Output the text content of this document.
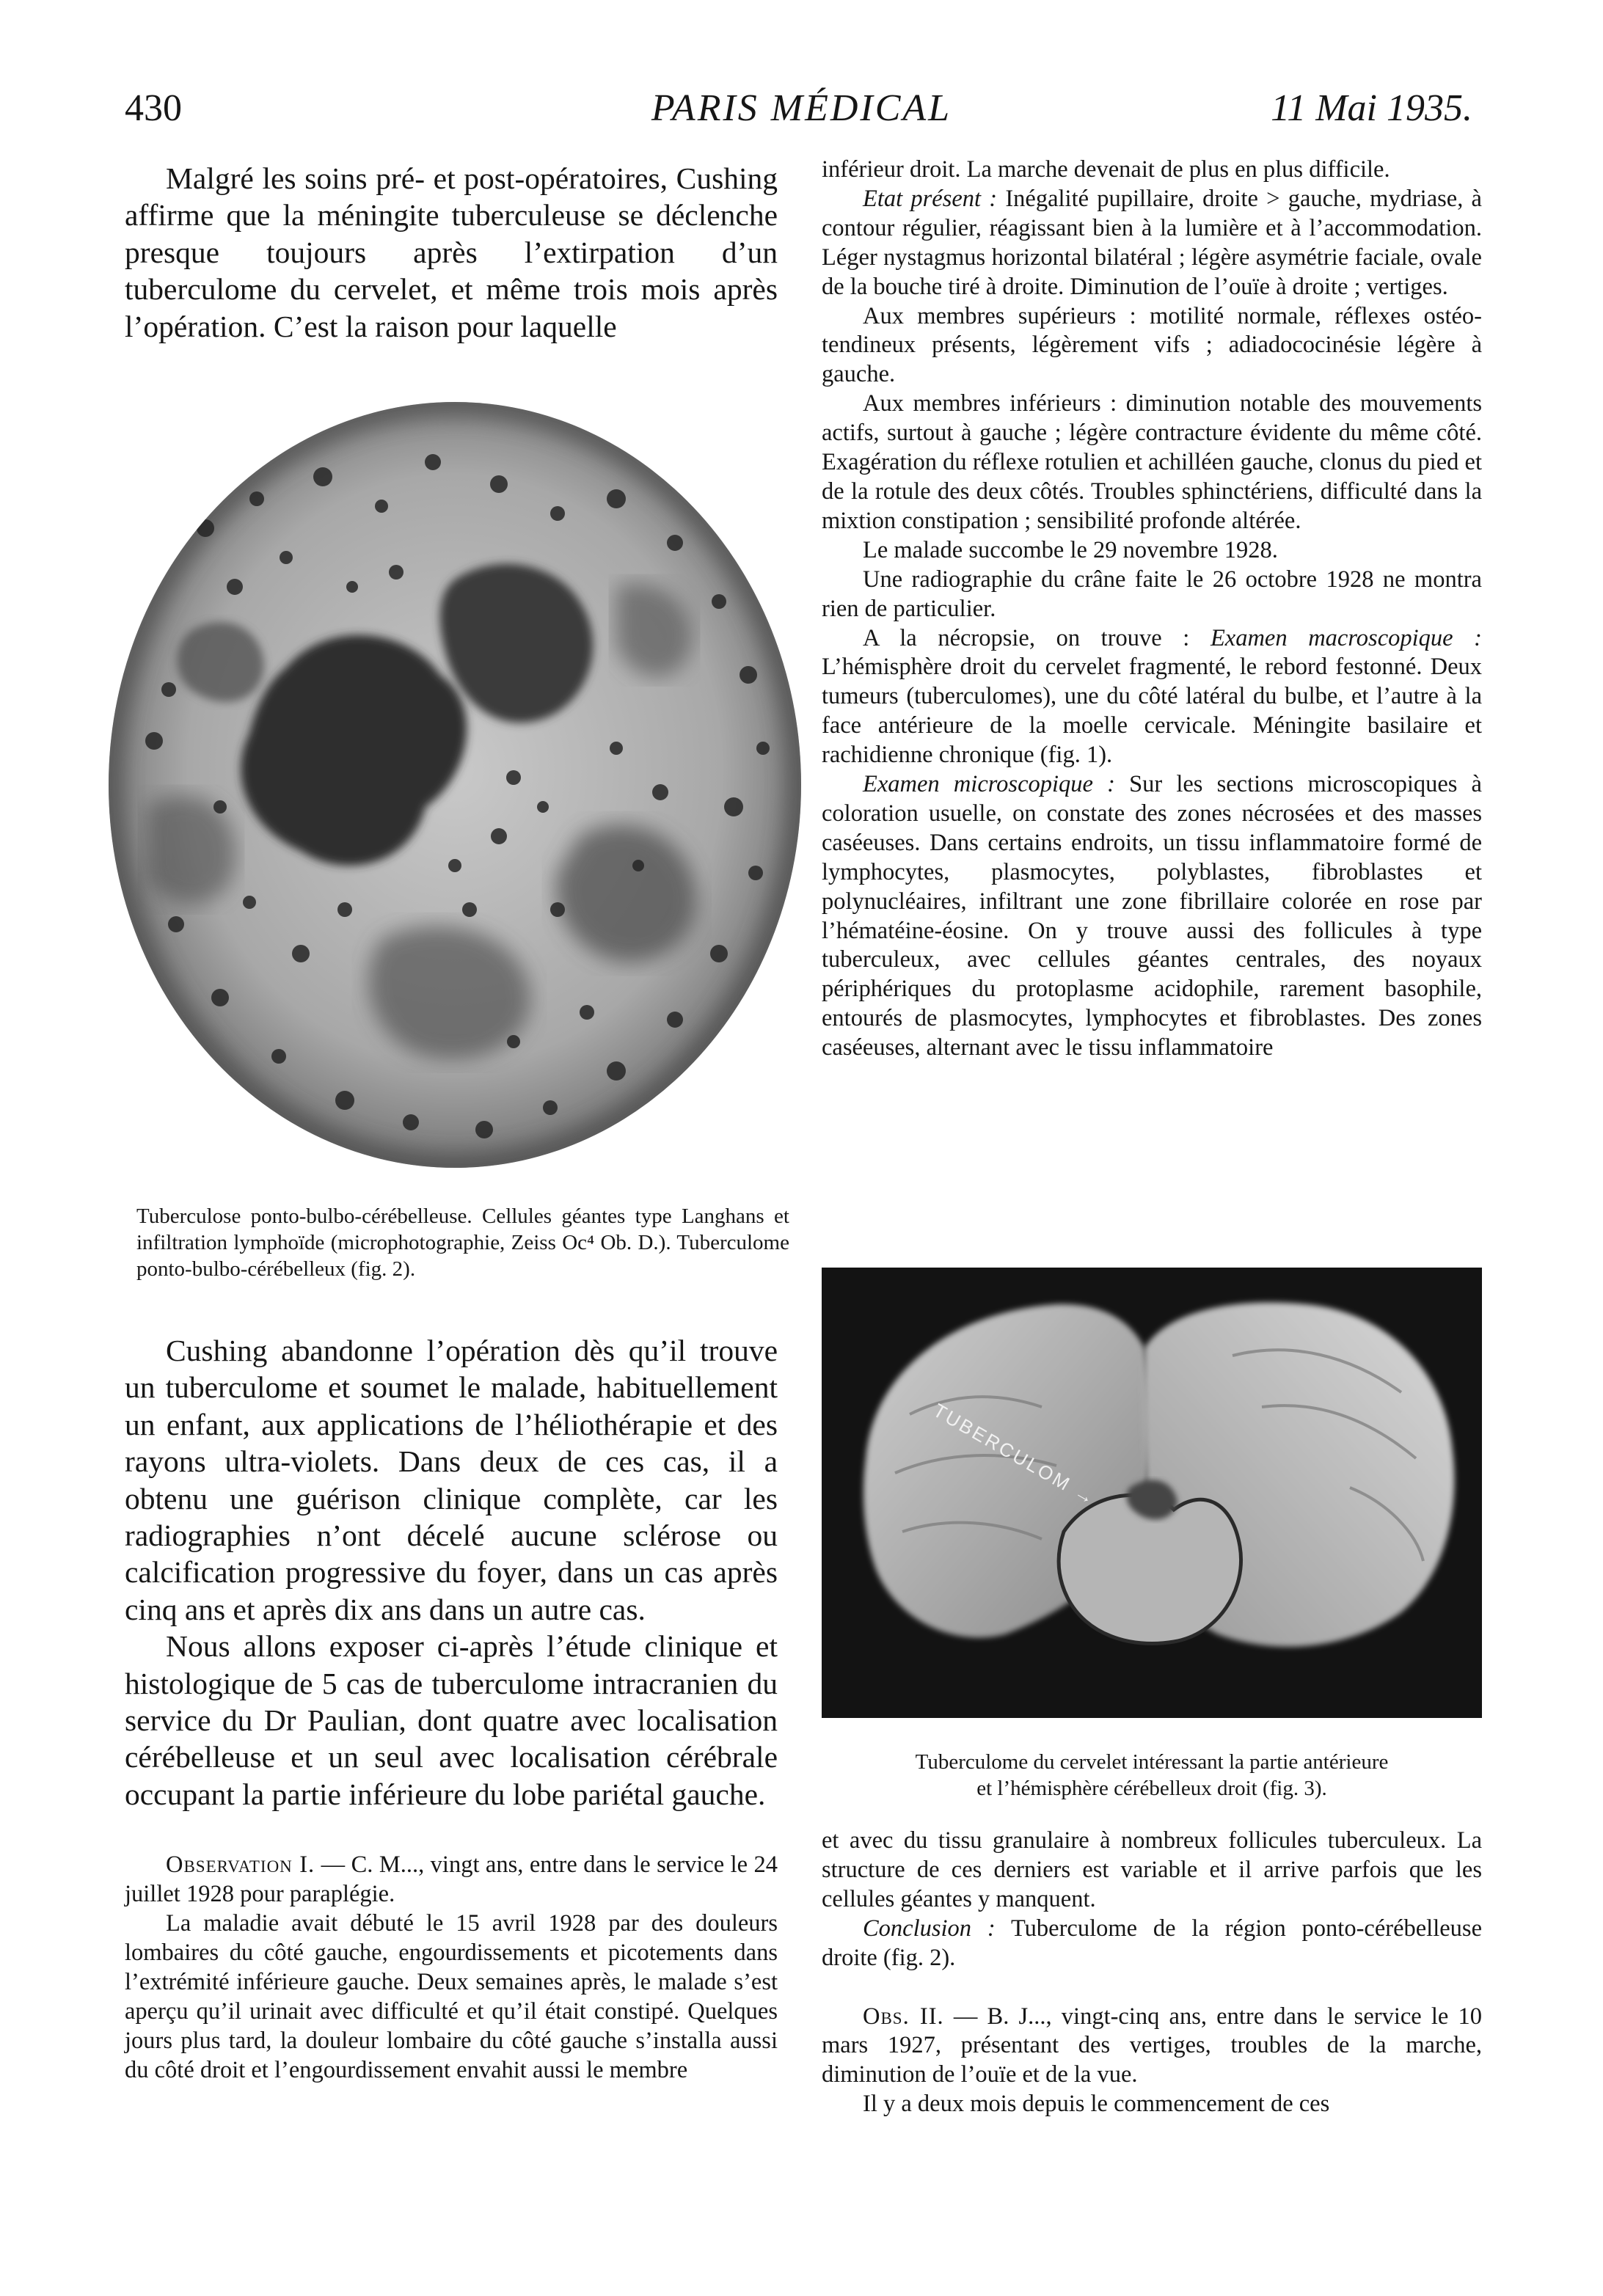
430	PARIS MÉDICAL	11 Mai 1935.

Malgré les soins pré- et post-opératoires, Cushing affirme que la méningite tuberculeuse se déclenche presque toujours après l’extirpation d’un tuberculome du cervelet, et même trois mois après l’opération. C’est la raison pour laquelle

Tuberculose ponto-bulbo-cérébelleuse. Cellules géantes type Langhans et infiltration lymphoïde (microphotographie, Zeiss Oc⁴ Ob. D.). Tuberculome ponto-bulbo-cérébelleux (fig. 2).

Cushing abandonne l’opération dès qu’il trouve un tuberculome et soumet le malade, habituellement un enfant, aux applications de l’héliothérapie et des rayons ultra-violets. Dans deux de ces cas, il a obtenu une guérison clinique complète, car les radiographies n’ont décelé aucune sclérose ou calcification progressive du foyer, dans un cas après cinq ans et après dix ans dans un autre cas.

Nous allons exposer ci-après l’étude clinique et histologique de 5 cas de tuberculome intracranien du service du Dr Paulian, dont quatre avec localisation cérébelleuse et un seul avec localisation cérébrale occupant la partie inférieure du lobe pariétal gauche.

Observation I. — C. M..., vingt ans, entre dans le service le 24 juillet 1928 pour paraplégie.

La maladie avait débuté le 15 avril 1928 par des douleurs lombaires du côté gauche, engourdissements et picotements dans l’extrémité inférieure gauche. Deux semaines après, le malade s’est aperçu qu’il urinait avec difficulté et qu’il était constipé. Quelques jours plus tard, la douleur lombaire du côté gauche s’installa aussi du côté droit et l’engourdissement envahit aussi le membre

inférieur droit. La marche devenait de plus en plus difficile.

Etat présent : Inégalité pupillaire, droite > gauche, mydriase, à contour régulier, réagissant bien à la lumière et à l’accommodation. Léger nystagmus horizontal bilatéral ; légère asymétrie faciale, ovale de la bouche tiré à droite. Diminution de l’ouïe à droite ; vertiges.

Aux membres supérieurs : motilité normale, réflexes ostéo-tendineux présents, légèrement vifs ; adiadococinésie légère à gauche.

Aux membres inférieurs : diminution notable des mouvements actifs, surtout à gauche ; légère contracture évidente du même côté. Exagération du réflexe rotulien et achilléen gauche, clonus du pied et de la rotule des deux côtés. Troubles sphinctériens, difficulté dans la mixtion constipation ; sensibilité profonde altérée.

Le malade succombe le 29 novembre 1928.

Une radiographie du crâne faite le 26 octobre 1928 ne montra rien de particulier.

A la nécropsie, on trouve : Examen macroscopique : L’hémisphère droit du cervelet fragmenté, le rebord festonné. Deux tumeurs (tuberculomes), une du côté latéral du bulbe, et l’autre à la face antérieure de la moelle cervicale. Méningite basilaire et rachidienne chronique (fig. 1).

Examen microscopique : Sur les sections microscopiques à coloration usuelle, on constate des zones nécrosées et des masses caséeuses. Dans certains endroits, un tissu inflammatoire formé de lymphocytes, plasmocytes, polyblastes, fibroblastes et polynucléaires, infiltrant une zone fibrillaire colorée en rose par l’hématéine-éosine. On y trouve aussi des follicules à type tuberculeux, avec cellules géantes centrales, des noyaux périphériques du protoplasme acidophile, rarement basophile, entourés de plasmocytes, lymphocytes et fibroblastes. Des zones caséeuses, alternant avec le tissu inflammatoire

TUBERCULOM →

Tuberculome du cervelet intéressant la partie antérieure

et l’hémisphère cérébelleux droit (fig. 3).

et avec du tissu granulaire à nombreux follicules tuberculeux. La structure de ces derniers est variable et il arrive parfois que les cellules géantes y manquent.

Conclusion : Tuberculome de la région ponto-cérébelleuse droite (fig. 2).

Obs. II. — B. J..., vingt-cinq ans, entre dans le service le 10 mars 1927, présentant des vertiges, troubles de la marche, diminution de l’ouïe et de la vue.

Il y a deux mois depuis le commencement de ces
